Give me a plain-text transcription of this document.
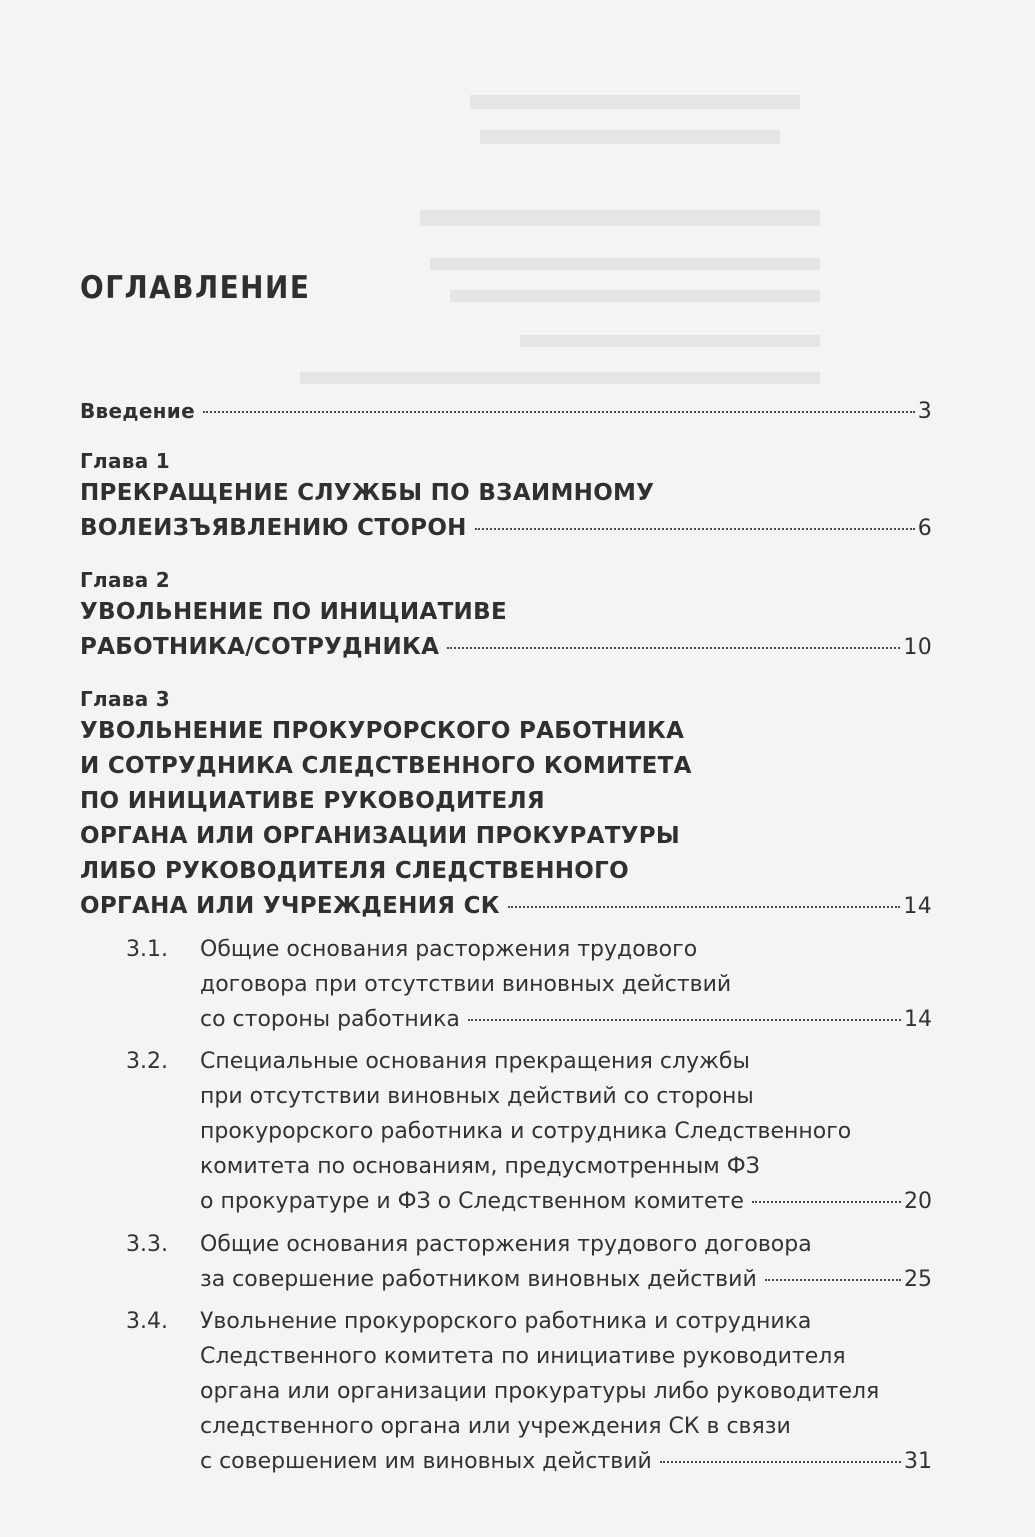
ОГЛАВЛЕНИЕ
Введение	3
Глава 1
ПРЕКРАЩЕНИЕ СЛУЖБЫ ПО ВЗАИМНОМУ
ВОЛЕИЗЪЯВЛЕНИЮ СТОРОН	6
Глава 2
УВОЛЬНЕНИЕ ПО ИНИЦИАТИВЕ
РАБОТНИКА/СОТРУДНИКА	10
Глава 3
УВОЛЬНЕНИЕ ПРОКУРОРСКОГО РАБОТНИКА
И СОТРУДНИКА СЛЕДСТВЕННОГО КОМИТЕТА
ПО ИНИЦИАТИВЕ РУКОВОДИТЕЛЯ
ОРГАНА ИЛИ ОРГАНИЗАЦИИ ПРОКУРАТУРЫ
ЛИБО РУКОВОДИТЕЛЯ СЛЕДСТВЕННОГО
ОРГАНА ИЛИ УЧРЕЖДЕНИЯ СК	14
3.1. Общие основания расторжения трудового
договора при отсутствии виновных действий
со стороны работника	14
3.2. Специальные основания прекращения службы
при отсутствии виновных действий со стороны
прокурорского работника и сотрудника Следственного
комитета по основаниям, предусмотренным ФЗ
о прокуратуре и ФЗ о Следственном комитете	20
3.3. Общие основания расторжения трудового договора
за совершение работником виновных действий	25
3.4. Увольнение прокурорского работника и сотрудника
Следственного комитета по инициативе руководителя
органа или организации прокуратуры либо руководителя
следственного органа или учреждения СК в связи
с совершением им виновных действий	31
